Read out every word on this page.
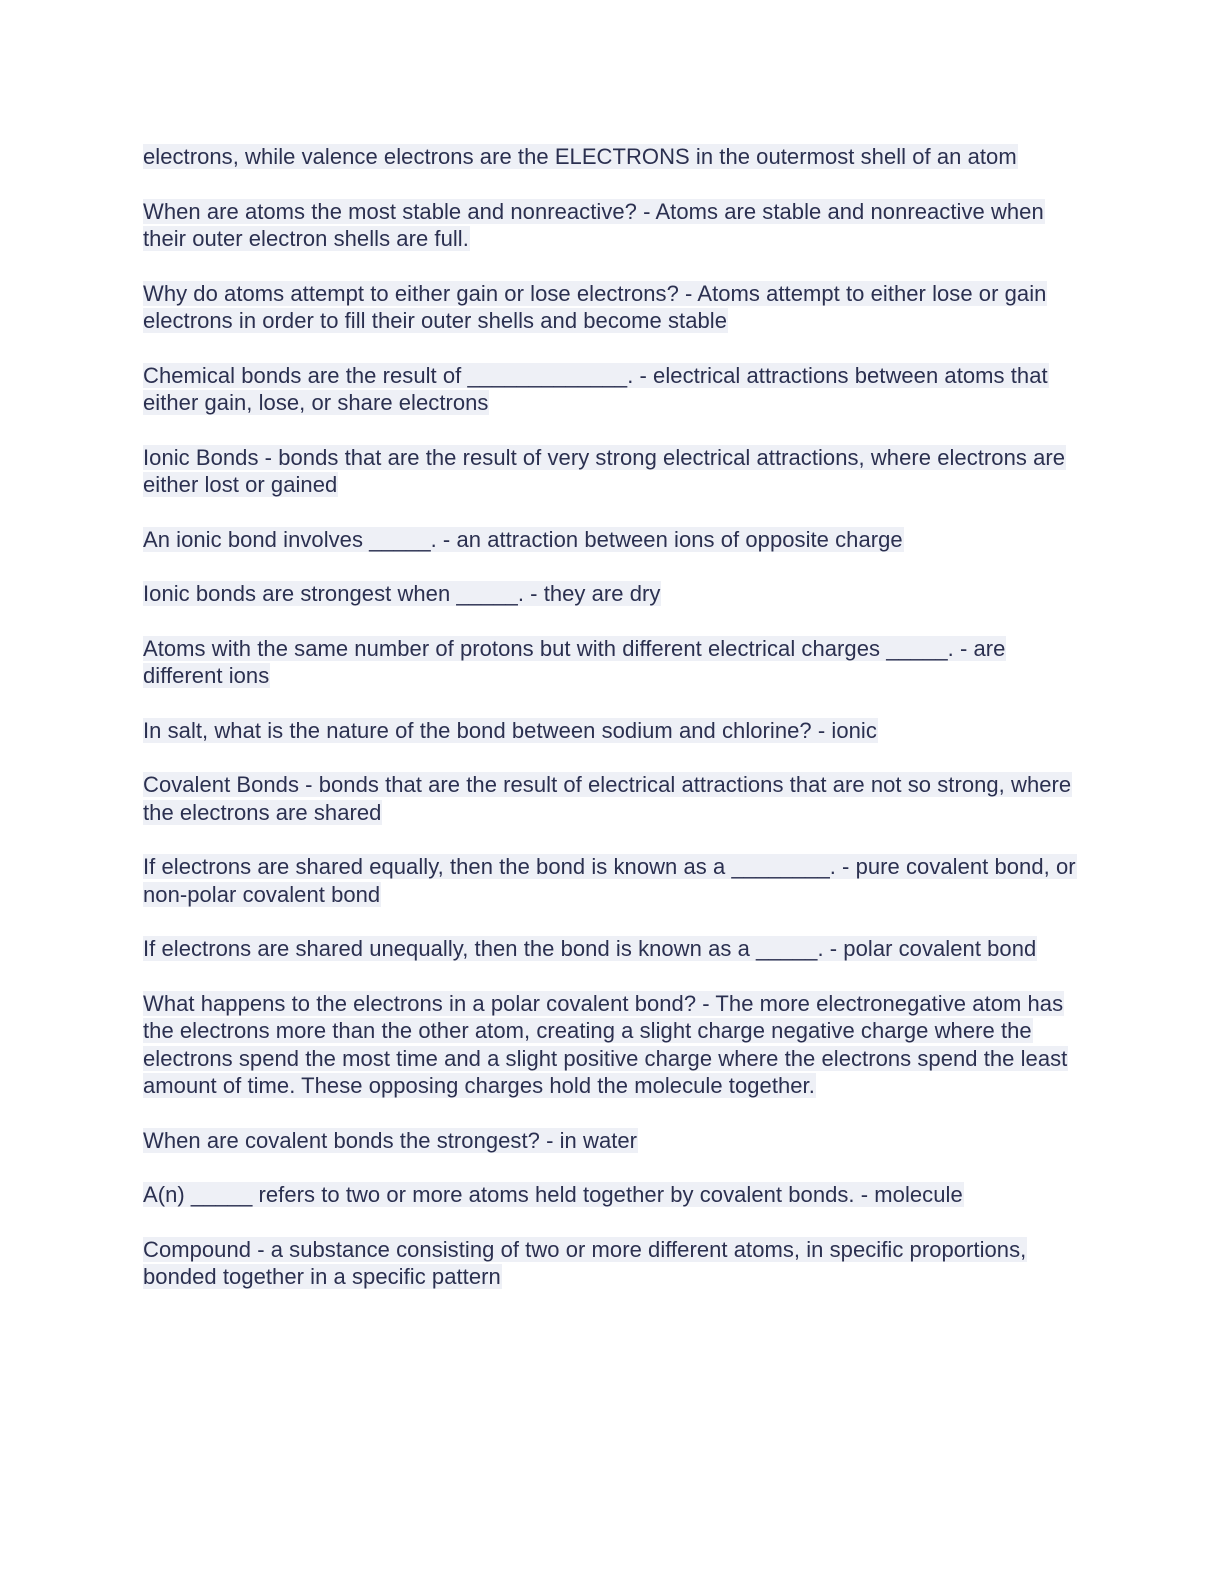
electrons, while valence electrons are the ELECTRONS in the outermost shell of an atom

When are atoms the most stable and nonreactive? - Atoms are stable and nonreactive when their outer electron shells are full.

Why do atoms attempt to either gain or lose electrons? - Atoms attempt to either lose or gain electrons in order to fill their outer shells and become stable

Chemical bonds are the result of _____________. - electrical attractions between atoms that either gain, lose, or share electrons

Ionic Bonds - bonds that are the result of very strong electrical attractions, where electrons are either lost or gained

An ionic bond involves _____. - an attraction between ions of opposite charge

Ionic bonds are strongest when _____. - they are dry

Atoms with the same number of protons but with different electrical charges _____. - are different ions

In salt, what is the nature of the bond between sodium and chlorine? - ionic

Covalent Bonds - bonds that are the result of electrical attractions that are not so strong, where the electrons are shared

If electrons are shared equally, then the bond is known as a ________. - pure covalent bond, or non-polar covalent bond

If electrons are shared unequally, then the bond is known as a _____. - polar covalent bond

What happens to the electrons in a polar covalent bond? - The more electronegative atom has the electrons more than the other atom, creating a slight charge negative charge where the electrons spend the most time and a slight positive charge where the electrons spend the least amount of time. These opposing charges hold the molecule together.

When are covalent bonds the strongest? - in water

A(n) _____ refers to two or more atoms held together by covalent bonds. - molecule

Compound - a substance consisting of two or more different atoms, in specific proportions, bonded together in a specific pattern
